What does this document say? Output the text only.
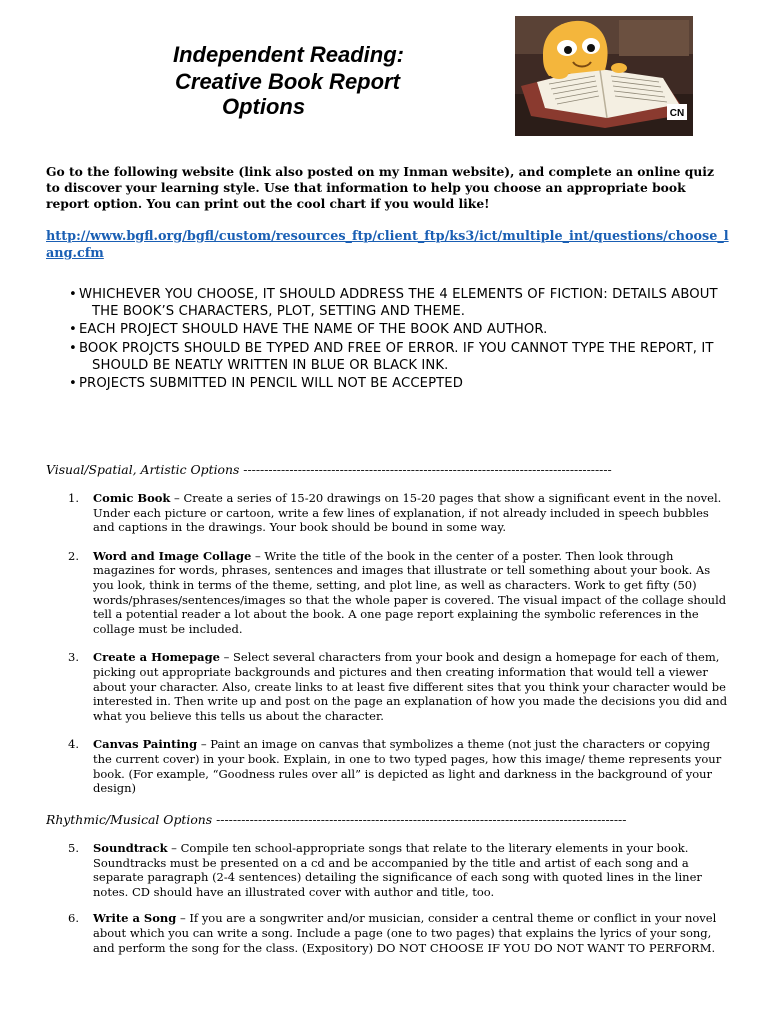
Independent Reading:
Creative Book Report
Options	CN

Go to the following website (link also posted on my Inman website), and complete an online quiz to discover your learning style. Use that information to help you choose an appropriate book report option. You can print out the cool chart if you would like!

http://www.bgfl.org/bgfl/custom/resources_ftp/client_ftp/ks3/ict/multiple_int/questions/choose_lang.cfm
• WHICHEVER YOU CHOOSE, IT SHOULD ADDRESS THE 4 ELEMENTS OF FICTION: DETAILS ABOUT THE BOOK’S CHARACTERS, PLOT, SETTING AND THEME.
• EACH PROJECT SHOULD HAVE THE NAME OF THE BOOK AND AUTHOR.
• BOOK PROJCTS SHOULD BE TYPED AND FREE OF ERROR. IF YOU CANNOT TYPE THE REPORT, IT SHOULD BE NEATLY WRITTEN IN BLUE OR BLACK INK.
• PROJECTS SUBMITTED IN PENCIL WILL NOT BE ACCEPTED

Visual/Spatial, Artistic Options ----------------------------------------------------------------------------------------

1. Comic Book – Create a series of 15-20 drawings on 15-20 pages that show a significant event in the novel. Under each picture or cartoon, write a few lines of explanation, if not already included in speech bubbles and captions in the drawings. Your book should be bound in some way.
2. Word and Image Collage – Write the title of the book in the center of a poster. Then look through magazines for words, phrases, sentences and images that illustrate or tell something about your book. As you look, think in terms of the theme, setting, and plot line, as well as characters. Work to get fifty (50) words/phrases/sentences/images so that the whole paper is covered. The visual impact of the collage should tell a potential reader a lot about the book. A one page report explaining the symbolic references in the collage must be included.
3. Create a Homepage – Select several characters from your book and design a homepage for each of them, picking out appropriate backgrounds and pictures and then creating information that would tell a viewer about your character. Also, create links to at least five different sites that you think your character would be interested in. Then write up and post on the page an explanation of how you made the decisions you did and what you believe this tells us about the character.
4. Canvas Painting – Paint an image on canvas that symbolizes a theme (not just the characters or copying the current cover) in your book. Explain, in one to two typed pages, how this image/ theme represents your book. (For example, “Goodness rules over all” is depicted as light and darkness in the background of your design)

Rhythmic/Musical Options --------------------------------------------------------------------------------------------------

5. Soundtrack – Compile ten school-appropriate songs that relate to the literary elements in your book. Soundtracks must be presented on a cd and be accompanied by the title and artist of each song and a separate paragraph (2-4 sentences) detailing the significance of each song with quoted lines in the liner notes. CD should have an illustrated cover with author and title, too.
6. Write a Song – If you are a songwriter and/or musician, consider a central theme or conflict in your novel about which you can write a song. Include a page (one to two pages) that explains the lyrics of your song, and perform the song for the class. (Expository) DO NOT CHOOSE IF YOU DO NOT WANT TO PERFORM.
